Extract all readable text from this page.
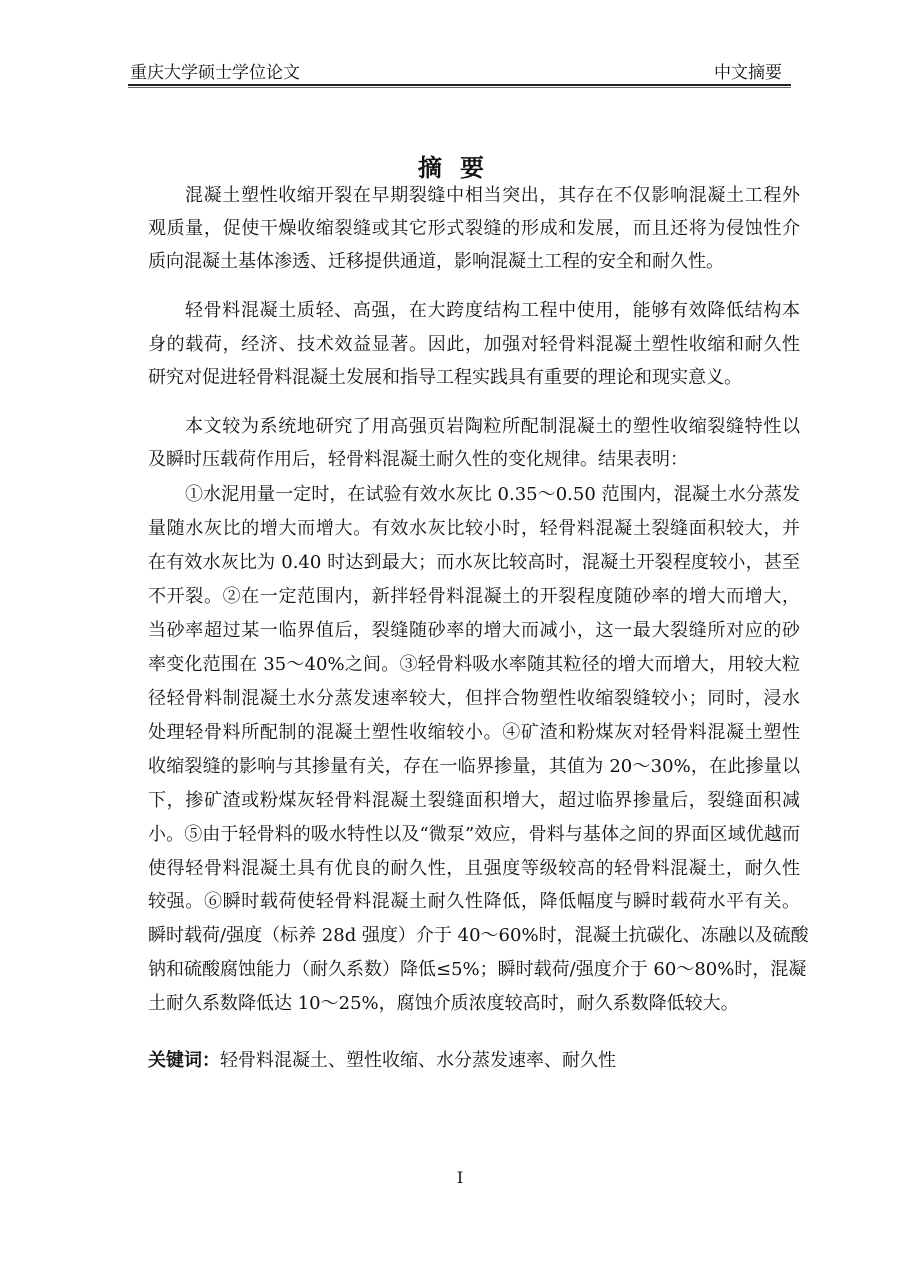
重庆大学硕士学位论文	中文摘要
摘要
混凝土塑性收缩开裂在早期裂缝中相当突出，其存在不仅影响混凝土工程外
观质量，促使干燥收缩裂缝或其它形式裂缝的形成和发展，而且还将为侵蚀性介
质向混凝土基体渗透、迁移提供通道，影响混凝土工程的安全和耐久性。
轻骨料混凝土质轻、高强，在大跨度结构工程中使用，能够有效降低结构本
身的载荷，经济、技术效益显著。因此，加强对轻骨料混凝土塑性收缩和耐久性
研究对促进轻骨料混凝土发展和指导工程实践具有重要的理论和现实意义。
本文较为系统地研究了用高强页岩陶粒所配制混凝土的塑性收缩裂缝特性以
及瞬时压载荷作用后，轻骨料混凝土耐久性的变化规律。结果表明：
①水泥用量一定时，在试验有效水灰比 0.35～0.50 范围内，混凝土水分蒸发
量随水灰比的增大而增大。有效水灰比较小时，轻骨料混凝土裂缝面积较大，并
在有效水灰比为 0.40 时达到最大；而水灰比较高时，混凝土开裂程度较小，甚至
不开裂。②在一定范围内，新拌轻骨料混凝土的开裂程度随砂率的增大而增大，
当砂率超过某一临界值后，裂缝随砂率的增大而减小，这一最大裂缝所对应的砂
率变化范围在 35～40%之间。③轻骨料吸水率随其粒径的增大而增大，用较大粒
径轻骨料制混凝土水分蒸发速率较大，但拌合物塑性收缩裂缝较小；同时，浸水
处理轻骨料所配制的混凝土塑性收缩较小。④矿渣和粉煤灰对轻骨料混凝土塑性
收缩裂缝的影响与其掺量有关，存在一临界掺量，其值为 20～30%，在此掺量以
下，掺矿渣或粉煤灰轻骨料混凝土裂缝面积增大，超过临界掺量后，裂缝面积减
小。⑤由于轻骨料的吸水特性以及“微泵”效应，骨料与基体之间的界面区域优越而
使得轻骨料混凝土具有优良的耐久性，且强度等级较高的轻骨料混凝土，耐久性
较强。⑥瞬时载荷使轻骨料混凝土耐久性降低，降低幅度与瞬时载荷水平有关。
瞬时载荷/强度（标养 28d 强度）介于 40～60%时，混凝土抗碳化、冻融以及硫酸
钠和硫酸腐蚀能力（耐久系数）降低≤5%；瞬时载荷/强度介于 60～80%时，混凝
土耐久系数降低达 10～25%，腐蚀介质浓度较高时，耐久系数降低较大。
关键词：轻骨料混凝土、塑性收缩、水分蒸发速率、耐久性
I
